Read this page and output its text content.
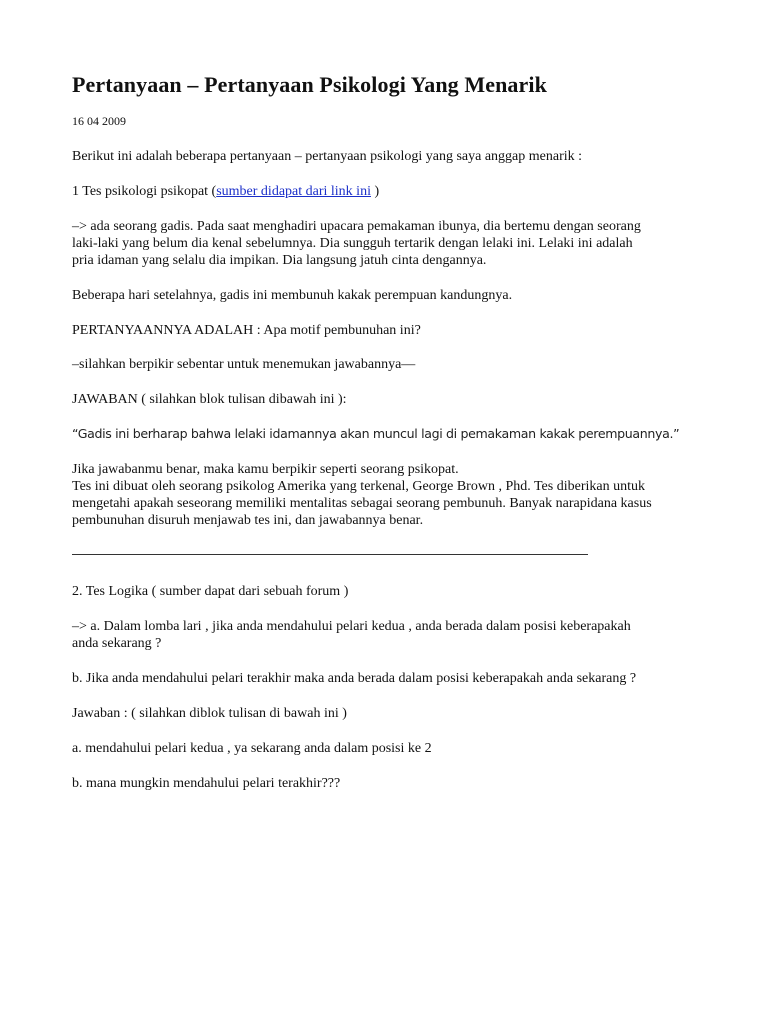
Pertanyaan – Pertanyaan Psikologi Yang Menarik
16 04 2009
Berikut ini adalah beberapa pertanyaan – pertanyaan psikologi yang saya anggap menarik :
1 Tes psikologi psikopat (sumber didapat dari link ini )
–> ada seorang gadis. Pada saat menghadiri upacara pemakaman ibunya, dia bertemu dengan seorang
laki-laki yang belum dia kenal sebelumnya. Dia sungguh tertarik dengan lelaki ini. Lelaki ini adalah
pria idaman yang selalu dia impikan. Dia langsung jatuh cinta dengannya.
Beberapa hari setelahnya, gadis ini membunuh kakak perempuan kandungnya.
PERTANYAANNYA ADALAH : Apa motif pembunuhan ini?
–silahkan berpikir sebentar untuk menemukan jawabannya—
JAWABAN ( silahkan blok tulisan dibawah ini ):
“Gadis ini berharap bahwa lelaki idamannya akan muncul lagi di pemakaman kakak perempuannya.”
Jika jawabanmu benar, maka kamu berpikir seperti seorang psikopat.
Tes ini dibuat oleh seorang psikolog Amerika yang terkenal, George Brown , Phd. Tes diberikan untuk
mengetahi apakah seseorang memiliki mentalitas sebagai seorang pembunuh. Banyak narapidana kasus
pembunuhan disuruh menjawab tes ini, dan jawabannya benar.
2. Tes Logika ( sumber dapat dari sebuah forum )
–> a. Dalam lomba lari , jika anda mendahului pelari kedua , anda berada dalam posisi keberapakah
anda sekarang ?
b. Jika anda mendahului pelari terakhir maka anda berada dalam posisi keberapakah anda sekarang ?
Jawaban : ( silahkan diblok tulisan di bawah ini )
a. mendahului pelari kedua , ya sekarang anda dalam posisi ke 2
b. mana mungkin mendahului pelari terakhir???
